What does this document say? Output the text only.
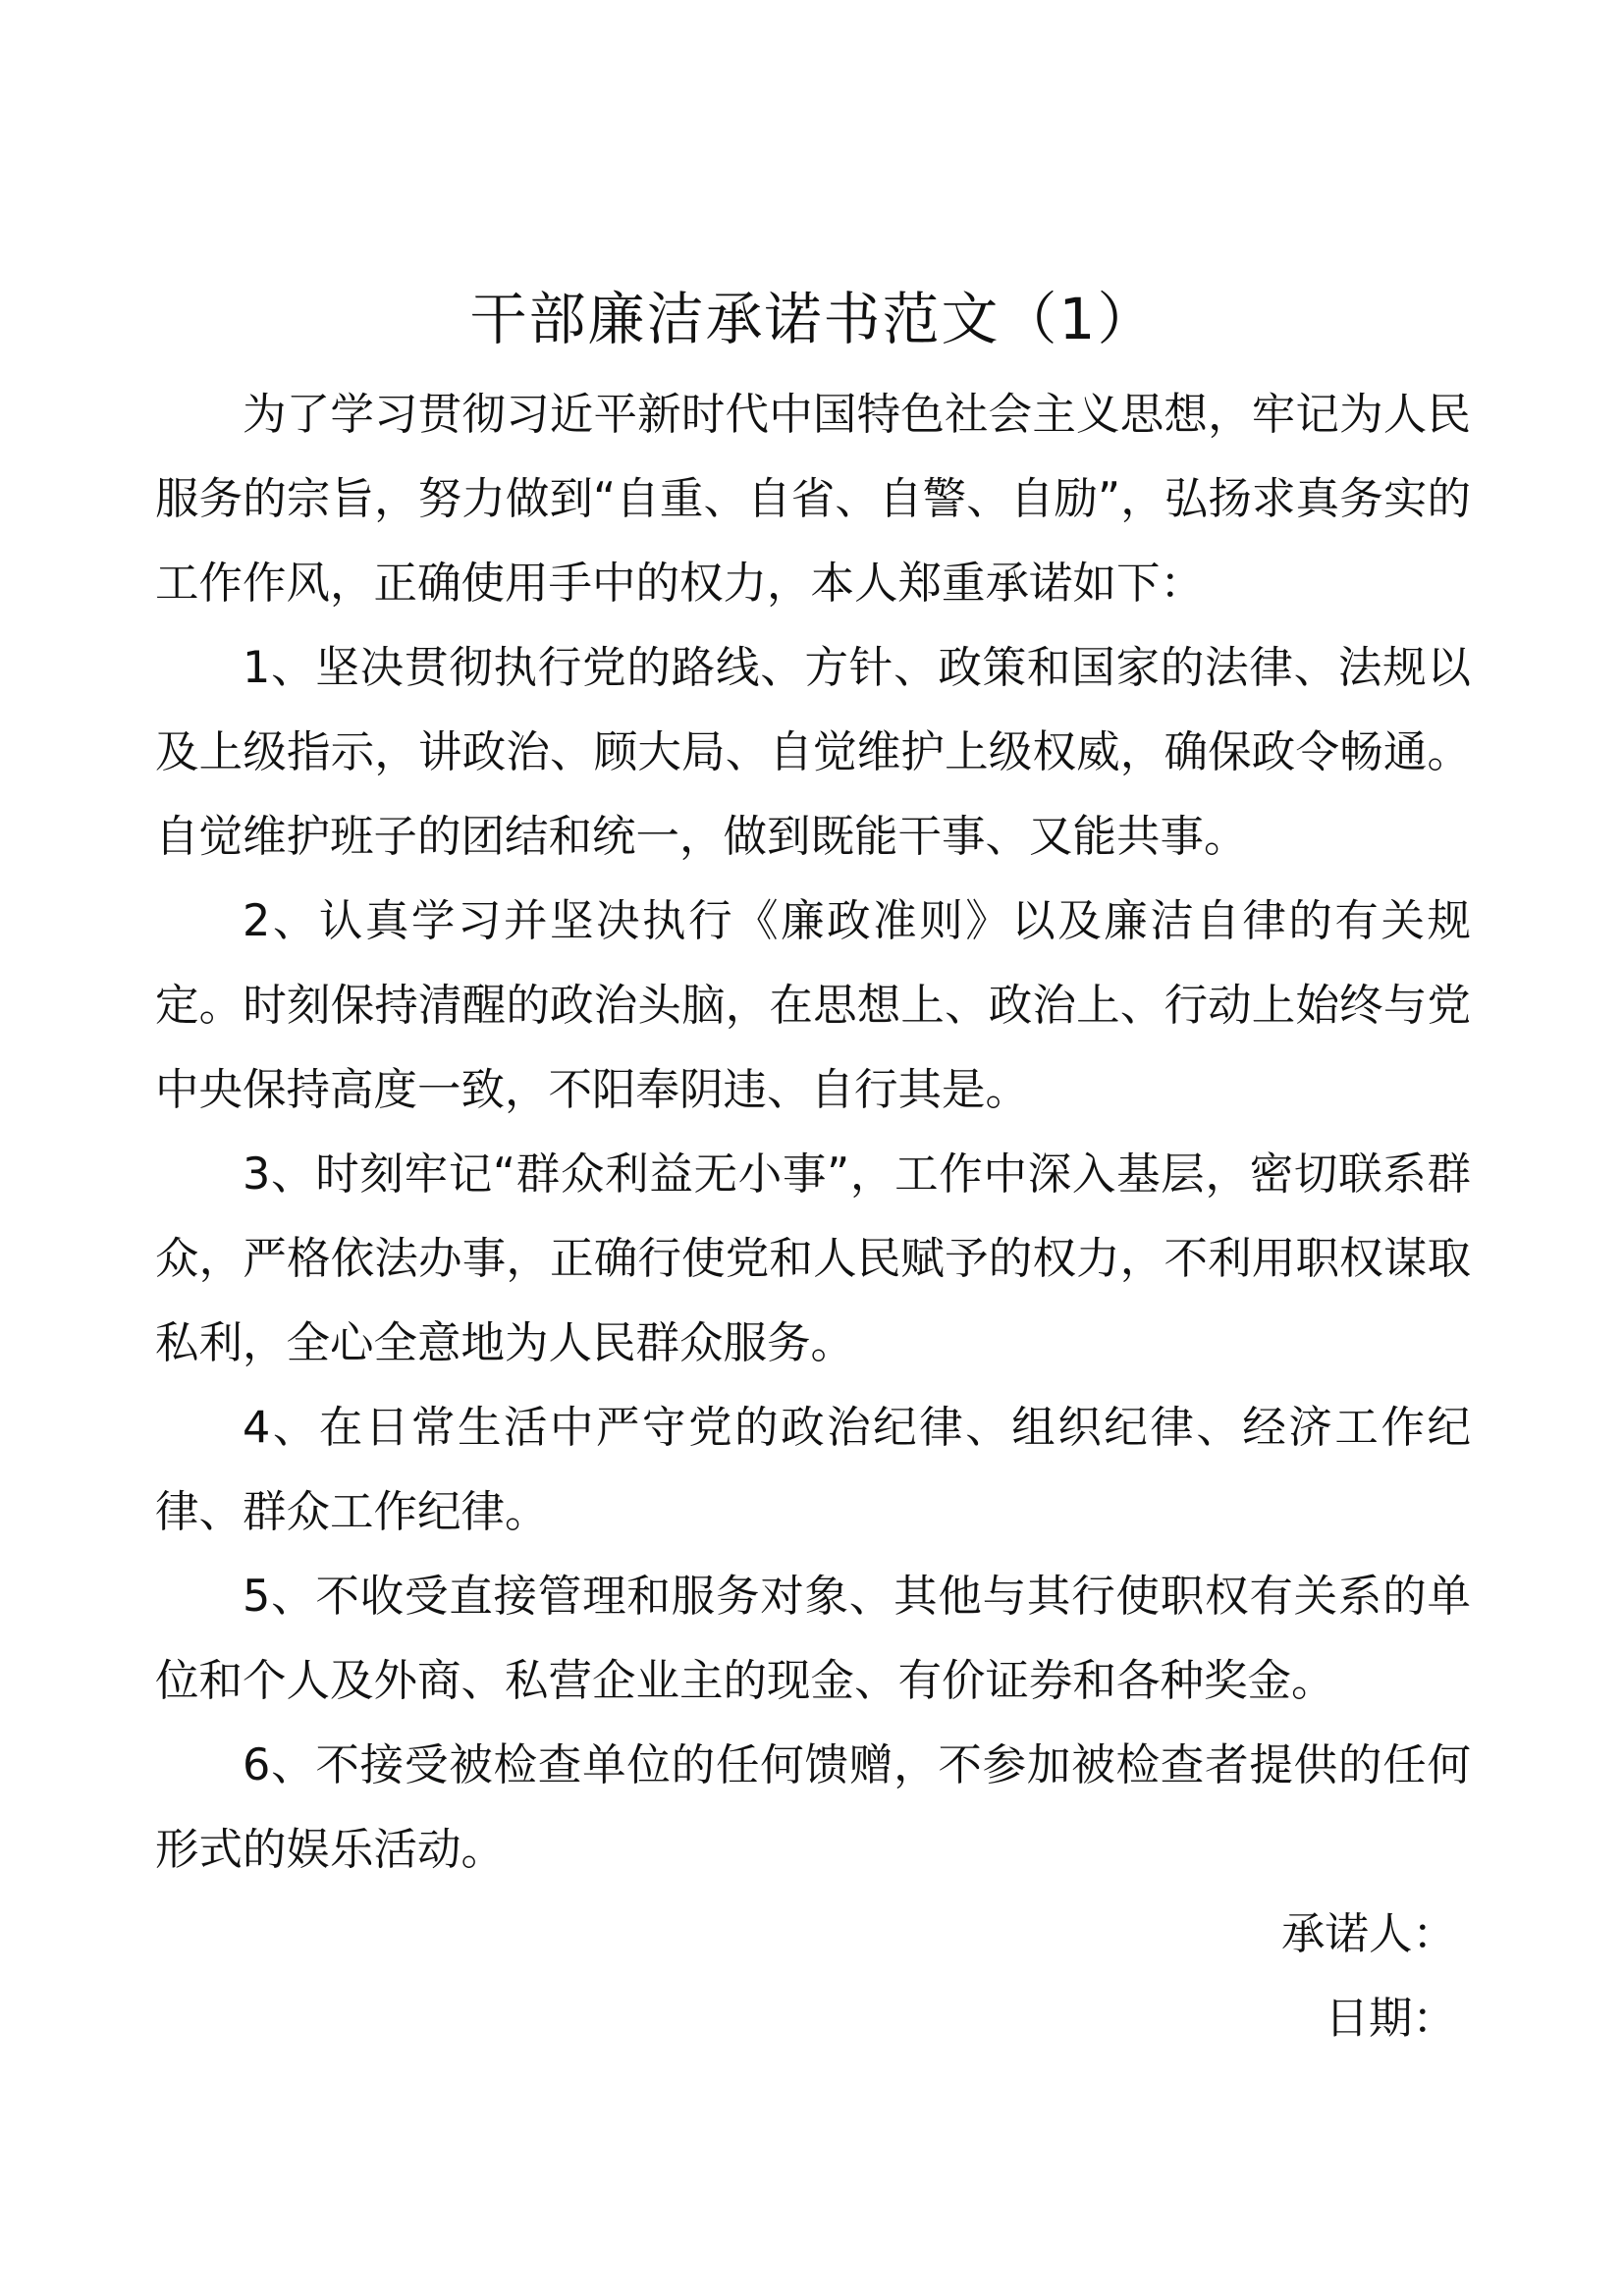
干部廉洁承诺书范文（1）

为了学习贯彻习近平新时代中国特色社会主义思想，牢记为人民服务的宗旨，努力做到“自重、自省、自警、自励”，弘扬求真务实的工作作风，正确使用手中的权力，本人郑重承诺如下：

1、坚决贯彻执行党的路线、方针、政策和国家的法律、法规以及上级指示，讲政治、顾大局、自觉维护上级权威，确保政令畅通。自觉维护班子的团结和统一，做到既能干事、又能共事。

2、认真学习并坚决执行《廉政准则》以及廉洁自律的有关规定。时刻保持清醒的政治头脑，在思想上、政治上、行动上始终与党中央保持高度一致，不阳奉阴违、自行其是。

3、时刻牢记“群众利益无小事”，工作中深入基层，密切联系群众，严格依法办事，正确行使党和人民赋予的权力，不利用职权谋取私利，全心全意地为人民群众服务。

4、在日常生活中严守党的政治纪律、组织纪律、经济工作纪律、群众工作纪律。

5、不收受直接管理和服务对象、其他与其行使职权有关系的单位和个人及外商、私营企业主的现金、有价证券和各种奖金。

6、不接受被检查单位的任何馈赠，不参加被检查者提供的任何形式的娱乐活动。

承诺人：

日期：
